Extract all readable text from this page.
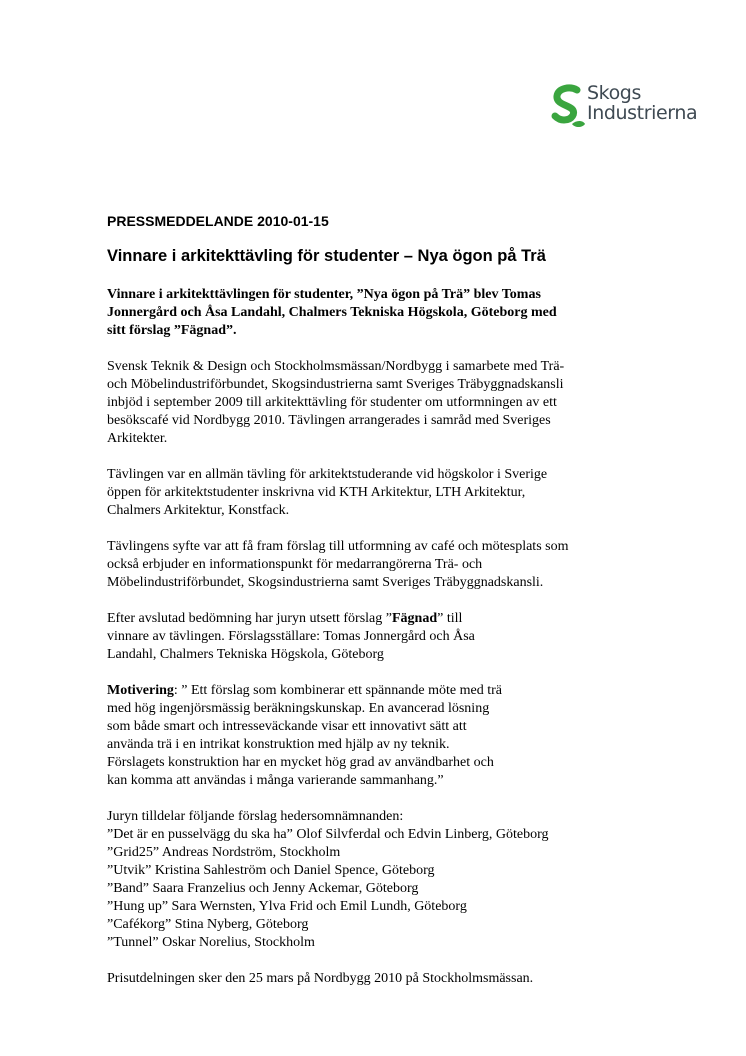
Skogs
Industrierna
PRESSMEDDELANDE 2010-01-15
Vinnare i arkitekttävling för studenter – Nya ögon på Trä

Vinnare i arkitekttävlingen för studenter, ”Nya ögon på Trä” blev Tomas
Jonnergård och Åsa Landahl, Chalmers Tekniska Högskola, Göteborg med
sitt förslag ”Fägnad”.

Svensk Teknik & Design och Stockholmsmässan/Nordbygg i samarbete med Trä-
och Möbelindustriförbundet, Skogsindustrierna samt Sveriges Träbyggnadskansli
inbjöd i september 2009 till arkitekttävling för studenter om utformningen av ett
besökscafé vid Nordbygg 2010. Tävlingen arrangerades i samråd med Sveriges
Arkitekter.

Tävlingen var en allmän tävling för arkitektstuderande vid högskolor i Sverige
öppen för arkitektstudenter inskrivna vid KTH Arkitektur, LTH Arkitektur,
Chalmers Arkitektur, Konstfack.

Tävlingens syfte var att få fram förslag till utformning av café och mötesplats som
också erbjuder en informationspunkt för medarrangörerna Trä- och
Möbelindustriförbundet, Skogsindustrierna samt Sveriges Träbyggnadskansli.

Efter avslutad bedömning har juryn utsett förslag ”Fägnad” till
vinnare av tävlingen. Förslagsställare: Tomas Jonnergård och Åsa
Landahl, Chalmers Tekniska Högskola, Göteborg

Motivering: ” Ett förslag som kombinerar ett spännande möte med trä
med hög ingenjörsmässig beräkningskunskap. En avancerad lösning
som både smart och intresseväckande visar ett innovativt sätt att
använda trä i en intrikat konstruktion med hjälp av ny teknik.
Förslagets konstruktion har en mycket hög grad av användbarhet och
kan komma att användas i många varierande sammanhang.”

Juryn tilldelar följande förslag hedersomnämnanden:
”Det är en pusselvägg du ska ha” Olof Silvferdal och Edvin Linberg, Göteborg
”Grid25” Andreas Nordström, Stockholm
”Utvik” Kristina Sahleström och Daniel Spence, Göteborg
”Band” Saara Franzelius och Jenny Ackemar, Göteborg
”Hung up” Sara Wernsten, Ylva Frid och Emil Lundh, Göteborg
”Cafékorg” Stina Nyberg, Göteborg
”Tunnel” Oskar Norelius, Stockholm

Prisutdelningen sker den 25 mars på Nordbygg 2010 på Stockholmsmässan.
